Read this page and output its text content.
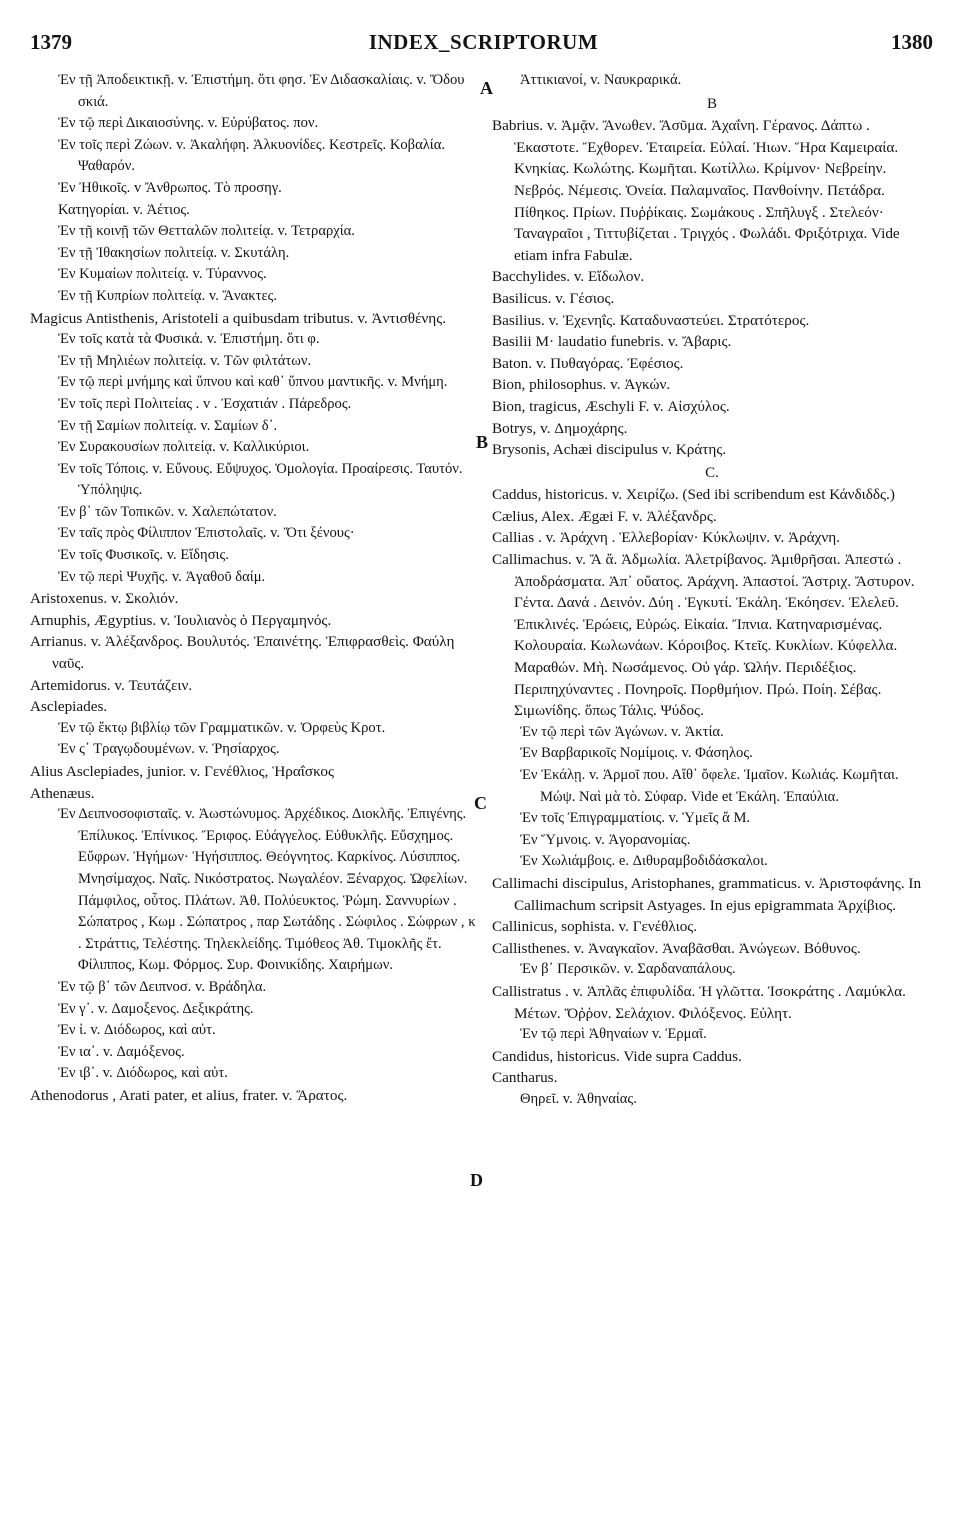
1379	INDEX_SCRIPTORUM	1380

Ἐν τῇ Ἀποδεικτικῇ. v. Ἐπιστήμη. ὅτι φησ. Ἐν Διδασκαλίαις. v. Ὅδου σκιά.

Ἐν τῷ περὶ Δικαιοσύνης. v. Εὐρύβατος. πον.

Ἐν τοῖς περὶ Ζώων. v. Ἀκαλήφη. Ἀλκυονίδες. Κεστρεῖς. Κοβαλία. Ψαθαρόν.

Ἐν Ἠθικοῖς. v Ἄνθρωπος. Τὸ προσηγ.

Κατηγορίαι. v. Ἀέτιος.

Ἐν τῇ κοινῇ τῶν Θετταλῶν πολιτείᾳ. v. Τετραρχία.

Ἐν τῇ Ἰθακησίων πολιτείᾳ. v. Σκυτάλη.

Ἐν Κυμαίων πολιτείᾳ. v. Τύραννος.

Ἐν τῇ Κυπρίων πολιτείᾳ. v. Ἄνακτες.

Magicus Antisthenis, Aristoteli a quibusdam tributus. v. Ἀντισθένης.

Ἐν τοῖς κατὰ τὰ Φυσικά. v. Ἐπιστήμη. ὅτι φ.

Ἐν τῇ Μηλιέων πολιτείᾳ. v. Τῶν φιλτάτων.

Ἐν τῷ περὶ μνήμης καὶ ὕπνου καὶ καθ᾽ ὕπνου μαντικῆς. v. Μνήμη.

Ἐν τοῖς περὶ Πολιτείας . v . Ἐσχατιάν . Πάρεδρος.

Ἐν τῇ Σαμίων πολιτείᾳ. v. Σαμίων δ᾽.

Ἐν Συρακουσίων πολιτείᾳ. v. Καλλικύριοι.

Ἐν τοῖς Τόποις. v. Εὔνους. Εὔψυχος. Ὁμολογία. Προαίρεσις. Ταυτόν. Ὑπόληψις.

Ἐν β᾽ τῶν Τοπικῶν. v. Χαλεπώτατον.

Ἐν ταῖς πρὸς Φίλιππον Ἐπιστολαῖς. v. Ὅτι ξένους·

Ἐν τοῖς Φυσικοῖς. v. Εἴδησις.

Ἐν τῷ περὶ Ψυχῆς. v. Ἀγαθοῦ δαίμ.

Aristoxenus. v. Σκολιόν.

Arnuphis, Ægyptius. v. Ἰουλιανὸς ὁ Περγαμηνός.

Arrianus. v. Ἀλέξανδρος. Βουλυτός. Ἐπαινέτης. Ἐπιφρασθεὶς. Φαύλη ναῦς.

Artemidorus. v. Τευτάζειν.

Asclepiades.

Ἐν τῷ ἕκτῳ βιβλίῳ τῶν Γραμματικῶν. v. Ὀρφεὺς Κροτ.

Ἐν ς᾽ Τραγῳδουμένων. v. Ῥησίαρχος.

Alius Asclepiades, junior. v. Γενέθλιος, Ἡραΐσκος

Athenæus.

Ἐν Δειπνοσοφισταῖς. v. Ἀωστώνυμος. Ἀρχέδικος. Διοκλῆς. Ἐπιγένης. Ἐπίλυκος. Ἐπίνικος. Ἔριφος. Εὐάγγελος. Εὐθυκλῆς. Εὔσχημος. Εὔφρων. Ἡγήμων· Ἡγήσιππος. Θεόγνητος. Καρκίνος. Λύσιππος. Μνησίμαχος. Ναῖς. Νικόστρατος. Νωγαλέον. Ξέναρχος. Ὠφελίων. Πάμφιλος, οὗτος. Πλάτων. Ἀθ. Πολύευκτος. Ῥώμη. Σαννυρίων . Σώπατρος , Κωμ . Σώπατρος , παρ Σωτάδης . Σώφιλος . Σώφρων , κ . Στράττις, Τελέστης. Τηλεκλείδης. Τιμόθεος Ἀθ. Τιμοκλῆς ἔτ. Φίλιππος, Κωμ. Φόρμος. Συρ. Φοινικίδης. Χαιρήμων.

Ἐν τῷ β᾽ τῶν Δειπνοσ. v. Βράδηλα.

Ἐν γ᾽. v. Δαμοξενος. Δεξικράτης.

Ἐν ἰ. v. Διόδωρος, καὶ αὐτ.

Ἐν ια᾽. v. Δαμόξενος.

Ἐν ιβ᾽. v. Διόδωρος, καὶ αὐτ.

Athenodorus , Arati pater, et alius, frater. v. Ἄρατος.

Ἀττικιανοί, v. Ναυκραρικά.

B

Babrius. v. Ἀμᾷν. Ἄνωθεν. Ἄσῦμα. Ἀχαΐνη. Γέρανος. Δάπτω . Ἑκαστοτε. Ἔχθορεν. Ἐταιρεία. Εὐλαί. Ἠιων. Ἥρα Καμειραία. Κνηκίας. Κωλώτης. Κωμῆται. Κωτίλλω. Κρίμνον· Νεβρείην. Νεβρός. Νέμεσις. Ὀνεία. Παλαμναῖος. Πανθοίνην. Πετάδρα. Πίθηκος. Πρίων. Πυῤῥίκαις. Σωμάκους . Σπῆλυγξ . Στελεόν· Ταναγραῖοι , Τιττυβίζεται . Τριγχός . Φωλάδι. Φριξότριχα. Vide etiam infra Fabulæ.

Bacchylides. v. Εἴδωλον.

Basilicus. v. Γέσιος.

Basilius. v. Ἐχενηΐς. Καταδυναστεύει. Στρατότερος.

Basilii M· laudatio funebris. v. Ἄβαρις.

Baton. v. Πυθαγόρας. Ἐφέσιος.

Bion, philosophus. v. Ἀγκών.

Bion, tragicus, Æschyli F. v. Αἰσχύλος.

Botrys, v. Δημοχάρης.

Brysonis, Achæi discipulus v. Κράτης.

C.

Caddus, historicus. v. Χειρίζω. (Sed ibi scribendum est Κάνδιδδς.)

Cælius, Alex. Ægæi F. v. Ἀλέξανδρς.

Callias . v. Ἀράχνη . Ἑλλεβορίαν· Κύκλωψιν. v. Ἀράχνη.

Callimachus. v. Ἄ ἄ. Ἀδμωλία. Ἀλετρίβανος. Ἀμιθρῆσαι. Ἀπεστώ . Ἀποδράσματα. Ἀπ᾽ οὔατος. Ἀράχνη. Ἀπαστοί. Ἄστριχ. Ἄστυρον. Γέντα. Δανά . Δεινόν. Δύη . Ἐγκυτί. Ἐκάλη. Ἐκόησεν. Ἐλελεῦ. Ἐπικλινές. Ἐρώεις, Εὐρώς. Εἰκαία. Ἴπνια. Κατηναρισμένας. Κολουραία. Κωλωνάων. Κόροιβος. Κτεῖς. Κυκλίων. Κύφελλα. Μαραθών. Μὴ. Νωσάμενος. Οὐ γάρ. Ὠλήν. Περιδέξιος. Περιπηχύναντες . Πονηροῖς. Πορθμήιον. Πρώ. Ποίη. Σέβας. Σιμωνίδης. ὅπως Τάλις. Ψύδος.

Ἐν τῷ περὶ τῶν Ἀγώνων. v. Ἀκτία.

Ἐν Βαρβαρικοῖς Νομίμοις. v. Φάσηλος.

Ἐν Ἐκάλῃ. v. Ἁρμοῖ που. Αἴθ᾽ ὄφελε. Ἱμαῖον. Κωλιάς. Κωμῆται. Μώψ. Ναὶ μὰ τὸ. Σύφαρ. Vide et Ἐκάλη. Ἐπαύλια.

Ἐν τοῖς Ἐπιγραμματίοις. v. Ὑμεῖς ἅ Μ.

Ἐν Ὕμνοις. v. Ἀγορανομίας.

Ἐν Χωλιάμβοις. e. Διθυραμβοδιδάσκαλοι.

Callimachi discipulus, Aristophanes, grammaticus. v. Ἀριστοφάνης. In Callimachum scripsit Astyages. In ejus epigrammata Ἀρχίβιος.

Callinicus, sophista. v. Γενέθλιος.

Callisthenes. v. Ἀναγκαῖον. Ἀναβᾶσθαι. Ἀνώγεων. Βόθυνος.

Ἐν β᾽ Περσικῶν. v. Σαρδαναπάλους.

Callistratus . v. Ἁπλᾶς ἐπιφυλίδα. Ἡ γλῶττα. Ἰσοκράτης . Λαμύκλα. Μέτων. Ὄῤῥον. Σελάχιον. Φιλόξενος. Εὐλητ.

Ἐν τῷ περὶ Ἀθηναίων v. Ἑρμαῖ.

Candidus, historicus. Vide supra Caddus.

Cantharus.

Θηρεῖ. v. Ἀθηναίας.

A
B
C
D
